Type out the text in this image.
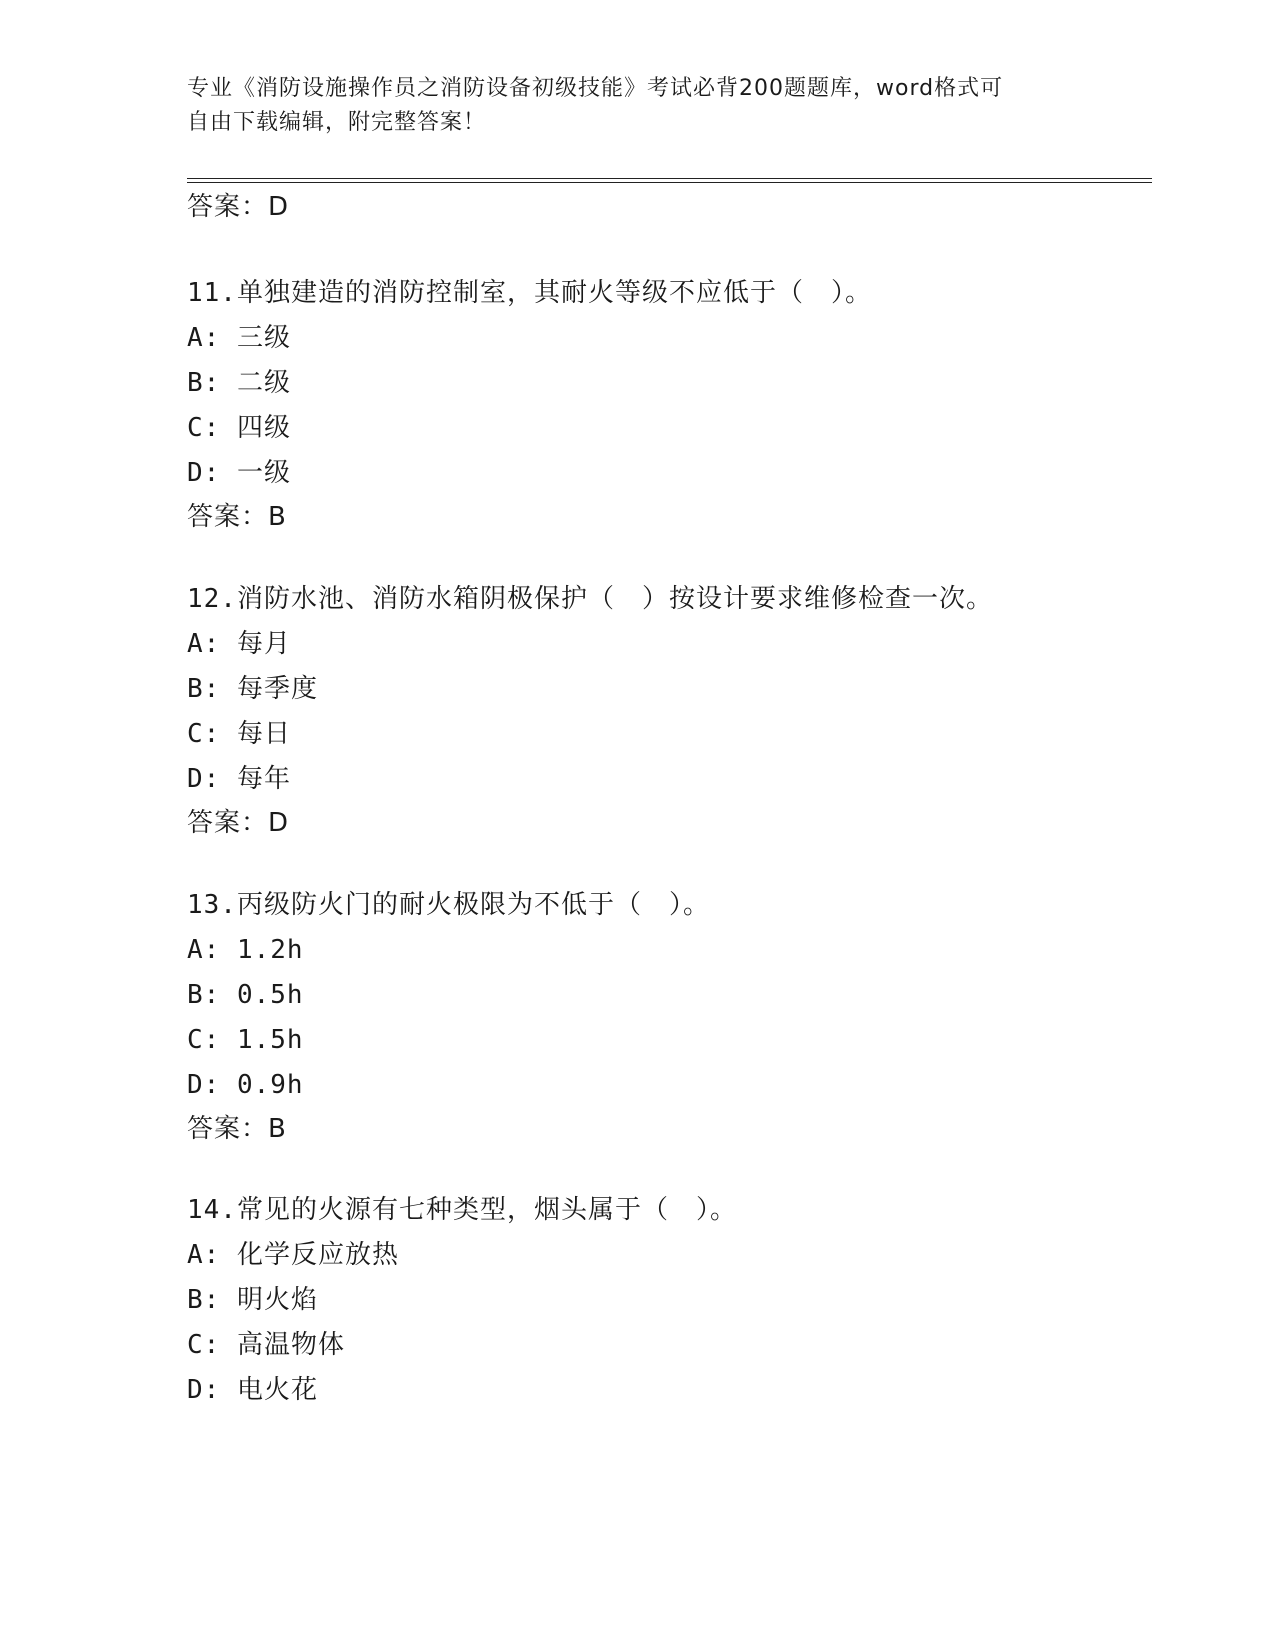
专业《消防设施操作员之消防设备初级技能》考试必背200题题库，word格式可
自由下载编辑，附完整答案！
答案：D
11.单独建造的消防控制室，其耐火等级不应低于（　）。
A: 三级
B: 二级
C: 四级
D: 一级
答案：B
12.消防水池、消防水箱阴极保护（　）按设计要求维修检查一次。
A: 每月
B: 每季度
C: 每日
D: 每年
答案：D
13.丙级防火门的耐火极限为不低于（　）。
A: 1.2h
B: 0.5h
C: 1.5h
D: 0.9h
答案：B
14.常见的火源有七种类型，烟头属于（　）。
A: 化学反应放热
B: 明火焰
C: 高温物体
D: 电火花
